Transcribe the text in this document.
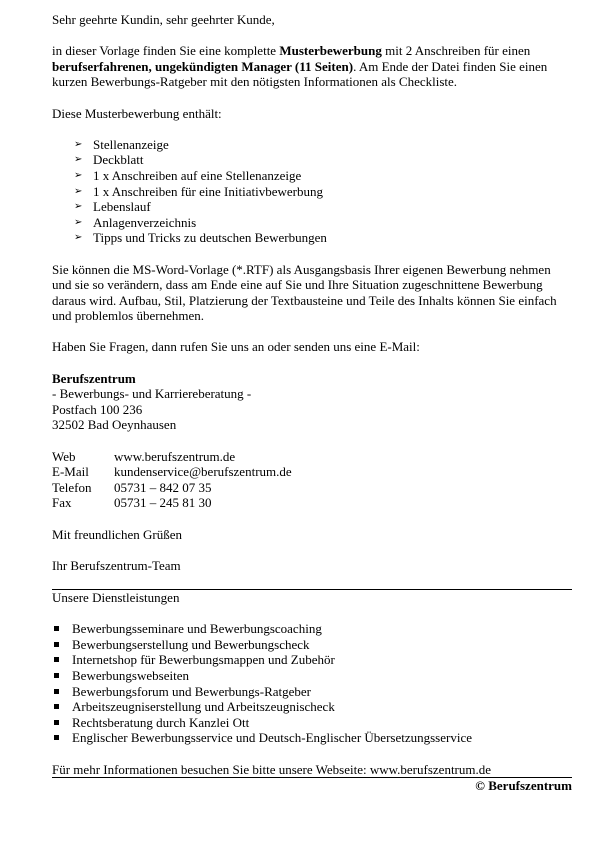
Sehr geehrte Kundin, sehr geehrter Kunde,

in dieser Vorlage finden Sie eine komplette Musterbewerbung mit 2 Anschreiben für einen berufserfahrenen, ungekündigten Manager (11 Seiten). Am Ende der Datei finden Sie einen kurzen Bewerbungs-Ratgeber mit den nötigsten Informationen als Checkliste.

Diese Musterbewerbung enthält:

➢ Stellenanzeige
➢ Deckblatt
➢ 1 x Anschreiben auf eine Stellenanzeige
➢ 1 x Anschreiben für eine Initiativbewerbung
➢ Lebenslauf
➢ Anlagenverzeichnis
➢ Tipps und Tricks zu deutschen Bewerbungen

Sie können die MS-Word-Vorlage (*.RTF) als Ausgangsbasis Ihrer eigenen Bewerbung nehmen und sie so verändern, dass am Ende eine auf Sie und Ihre Situation zugeschnittene Bewerbung daraus wird. Aufbau, Stil, Platzierung der Textbausteine und Teile des Inhalts können Sie einfach und problemlos übernehmen.

Haben Sie Fragen, dann rufen Sie uns an oder senden uns eine E-Mail:

Berufszentrum

- Bewerbungs- und Karriereberatung -

Postfach 100 236

32502 Bad Oeynhausen

Web	www.berufszentrum.de
E-Mail	kundenservice@berufszentrum.de
Telefon	05731 – 842 07 35
Fax	05731 – 245 81 30

Mit freundlichen Grüßen

Ihr Berufszentrum-Team

Unsere Dienstleistungen

Bewerbungsseminare und Bewerbungscoaching
Bewerbungserstellung und Bewerbungscheck
Internetshop für Bewerbungsmappen und Zubehör
Bewerbungswebseiten
Bewerbungsforum und Bewerbungs-Ratgeber
Arbeitszeugniserstellung und Arbeitszeugnischeck
Rechtsberatung durch Kanzlei Ott
Englischer Bewerbungsservice und Deutsch-Englischer Übersetzungsservice

Für mehr Informationen besuchen Sie bitte unsere Webseite: www.berufszentrum.de

© Berufszentrum
